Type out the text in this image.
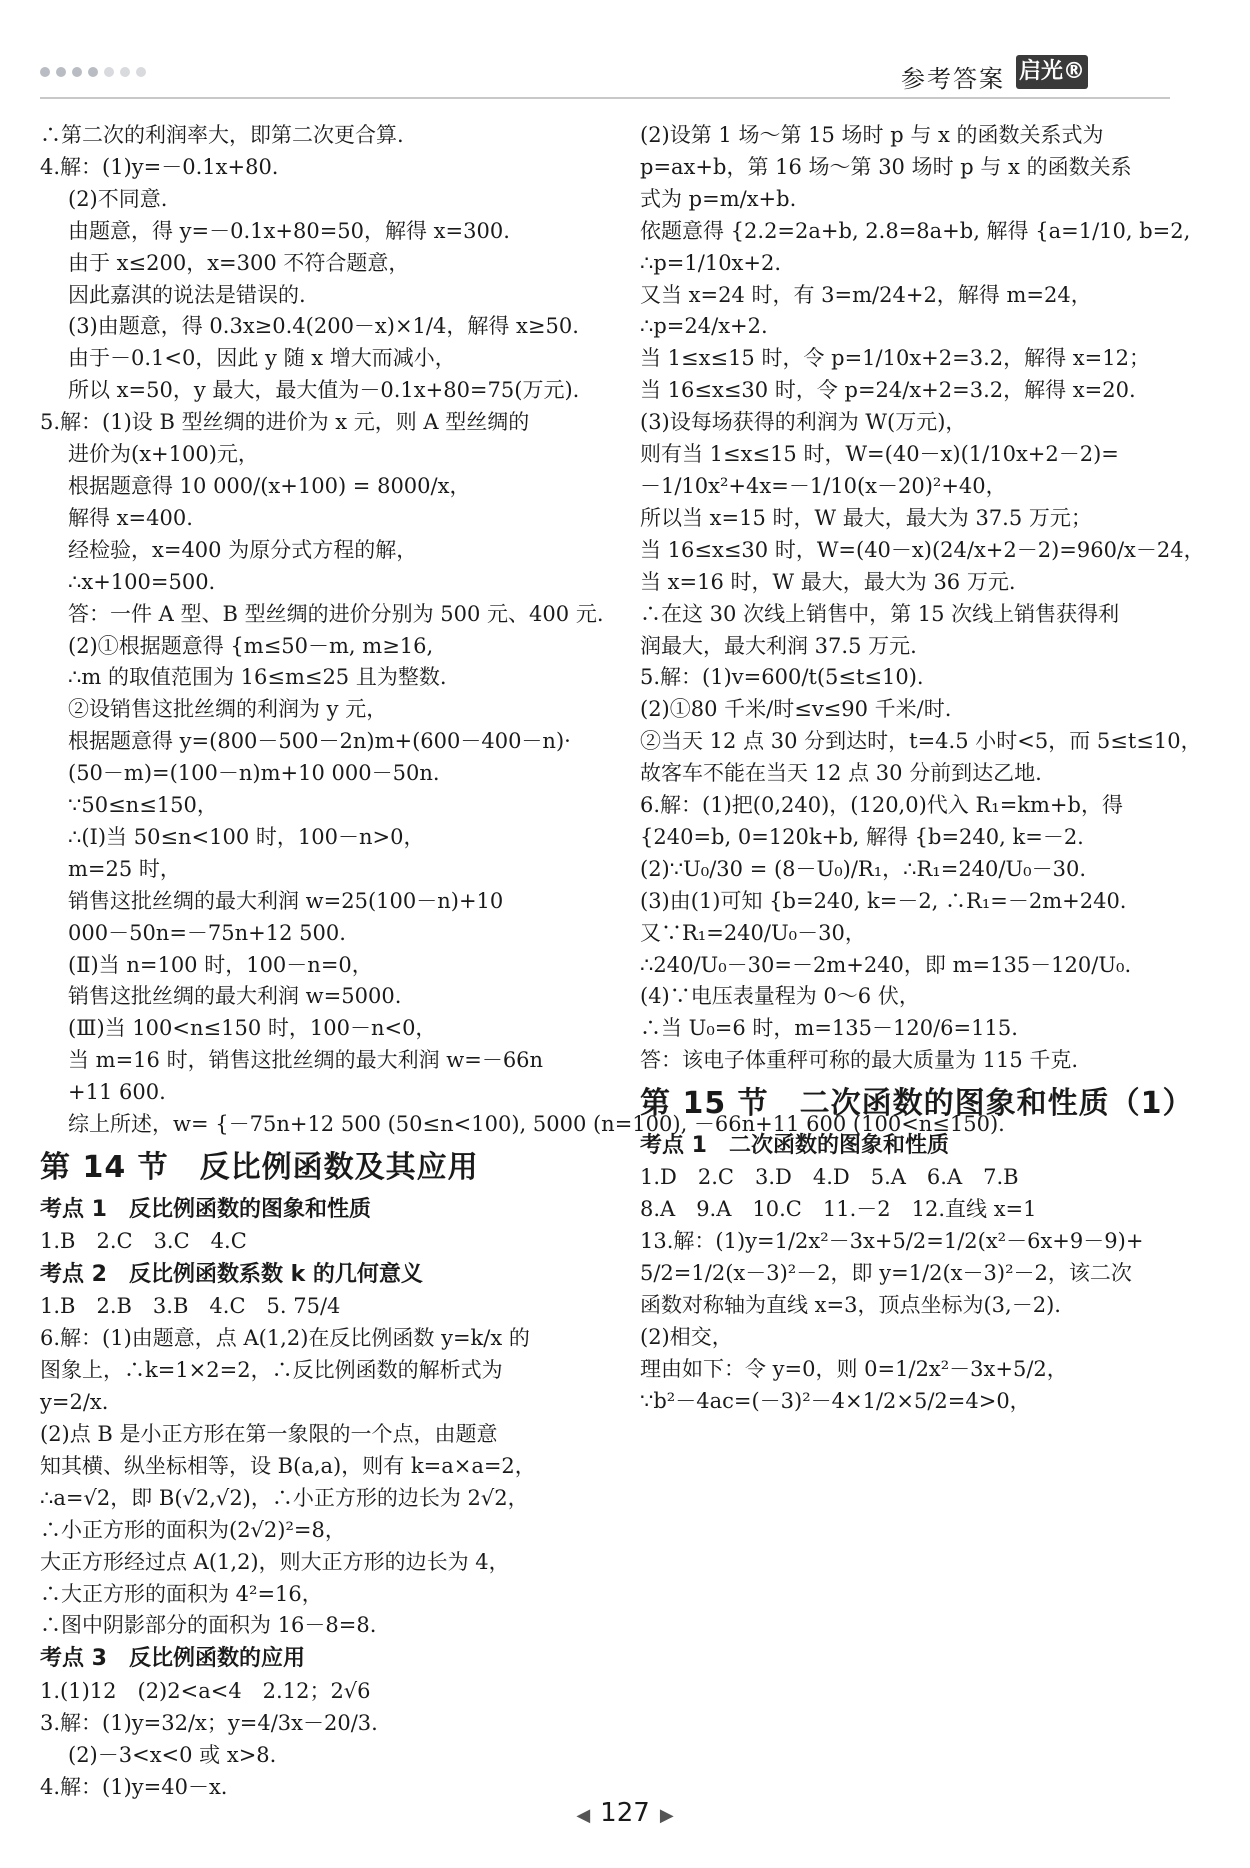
参考答案 启光®
∴第二次的利润率大，即第二次更合算.
4.解：(1)y=－0.1x+80.
(2)不同意.
由题意，得 y=－0.1x+80=50，解得 x=300.
由于 x≤200，x=300 不符合题意，
因此嘉淇的说法是错误的.
(3)由题意，得 0.3x≥0.4(200－x)×1/4，解得 x≥50.
由于－0.1<0，因此 y 随 x 增大而减小，
所以 x=50，y 最大，最大值为－0.1x+80=75(万元).
5.解：(1)设 B 型丝绸的进价为 x 元，则 A 型丝绸的
进价为(x+100)元，
根据题意得 10 000/(x+100) = 8000/x，
解得 x=400.
经检验，x=400 为原分式方程的解，
∴x+100=500.
答：一件 A 型、B 型丝绸的进价分别为 500 元、400 元.
(2)①根据题意得 {m≤50－m, m≥16,
∴m 的取值范围为 16≤m≤25 且为整数.
②设销售这批丝绸的利润为 y 元，
根据题意得 y=(800－500－2n)m+(600－400－n)·
(50－m)=(100－n)m+10 000－50n.
∵50≤n≤150，
∴(Ⅰ)当 50≤n<100 时，100－n>0，
m=25 时，
销售这批丝绸的最大利润 w=25(100－n)+10
000－50n=－75n+12 500.
(Ⅱ)当 n=100 时，100－n=0，
销售这批丝绸的最大利润 w=5000.
(Ⅲ)当 100<n≤150 时，100－n<0，
当 m=16 时，销售这批丝绸的最大利润 w=－66n
+11 600.
综上所述，w= {－75n+12 500 (50≤n<100), 5000 (n=100), －66n+11 600 (100<n≤150).
第 14 节　反比例函数及其应用
考点 1　反比例函数的图象和性质
1.B　2.C　3.C　4.C
考点 2　反比例函数系数 k 的几何意义
1.B　2.B　3.B　4.C　5. 75/4
6.解：(1)由题意，点 A(1,2)在反比例函数 y=k/x 的
图象上，∴k=1×2=2，∴反比例函数的解析式为
y=2/x.
(2)点 B 是小正方形在第一象限的一个点，由题意
知其横、纵坐标相等，设 B(a,a)，则有 k=a×a=2，
∴a=√2，即 B(√2,√2)，∴小正方形的边长为 2√2，
∴小正方形的面积为(2√2)²=8，
大正方形经过点 A(1,2)，则大正方形的边长为 4，
∴大正方形的面积为 4²=16，
∴图中阴影部分的面积为 16－8=8.
考点 3　反比例函数的应用
1.(1)12　(2)2<a<4　2.12；2√6
3.解：(1)y=32/x；y=4/3x－20/3.
(2)－3<x<0 或 x>8.
4.解：(1)y=40－x.
(2)设第 1 场～第 15 场时 p 与 x 的函数关系式为
p=ax+b，第 16 场～第 30 场时 p 与 x 的函数关系
式为 p=m/x+b.
依题意得 {2.2=2a+b, 2.8=8a+b, 解得 {a=1/10, b=2,
∴p=1/10x+2.
又当 x=24 时，有 3=m/24+2，解得 m=24，
∴p=24/x+2.
当 1≤x≤15 时，令 p=1/10x+2=3.2，解得 x=12；
当 16≤x≤30 时，令 p=24/x+2=3.2，解得 x=20.
(3)设每场获得的利润为 W(万元)，
则有当 1≤x≤15 时，W=(40－x)(1/10x+2－2)=
－1/10x²+4x=－1/10(x－20)²+40，
所以当 x=15 时，W 最大，最大为 37.5 万元；
当 16≤x≤30 时，W=(40－x)(24/x+2－2)=960/x－24，
当 x=16 时，W 最大，最大为 36 万元.
∴在这 30 次线上销售中，第 15 次线上销售获得利
润最大，最大利润 37.5 万元.
5.解：(1)v=600/t(5≤t≤10).
(2)①80 千米/时≤v≤90 千米/时.
②当天 12 点 30 分到达时，t=4.5 小时<5，而 5≤t≤10，
故客车不能在当天 12 点 30 分前到达乙地.
6.解：(1)把(0,240)，(120,0)代入 R₁=km+b，得
{240=b, 0=120k+b, 解得 {b=240, k=－2.
(2)∵U₀/30 = (8－U₀)/R₁，∴R₁=240/U₀－30.
(3)由(1)可知 {b=240, k=－2, ∴R₁=－2m+240.
又∵R₁=240/U₀－30，
∴240/U₀－30=－2m+240，即 m=135－120/U₀.
(4)∵电压表量程为 0～6 伏，
∴当 U₀=6 时，m=135－120/6=115.
答：该电子体重秤可称的最大质量为 115 千克.
第 15 节　二次函数的图象和性质（1）
考点 1　二次函数的图象和性质
1.D　2.C　3.D　4.D　5.A　6.A　7.B
8.A　9.A　10.C　11.－2　12.直线 x=1
13.解：(1)y=1/2x²－3x+5/2=1/2(x²－6x+9－9)+
5/2=1/2(x－3)²－2，即 y=1/2(x－3)²－2，该二次
函数对称轴为直线 x=3，顶点坐标为(3,－2).
(2)相交，
理由如下：令 y=0，则 0=1/2x²－3x+5/2，
∵b²－4ac=(－3)²－4×1/2×5/2=4>0，
◀ 127 ▶
